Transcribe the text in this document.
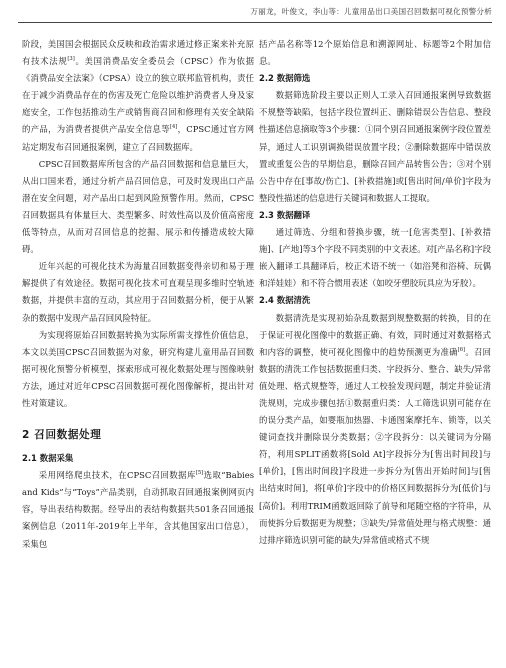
万丽龙，叶俊文，李山等：儿童用品出口美国召回数据可视化预警分析

阶段，美国国会根据民众反映和政治需求通过修正案来补充原有技术法规[3]。美国消费品安全委员会（CPSC）作为依据《消费品安全法案》（CPSA）设立的独立联邦监管机构，责任在于减少消费品存在的伤害及死亡危险以维护消费者人身及家庭安全，工作包括推动生产或销售商召回和修理有关安全缺陷的产品，为消费者提供产品安全信息等[4]，CPSC通过官方网站定期发布召回通报案例，建立了召回数据库。

CPSC召回数据库所包含的产品召回数据和信息量巨大，从出口国来看，通过分析产品召回信息，可及时发现出口产品潜在安全问题，对产品出口起到风险预警作用。然而，CPSC召回数据具有体量巨大、类型繁多、时效性高以及价值高密度低等特点，从而对召回信息的挖掘、展示和传播造成较大障碍。

近年兴起的可视化技术为海量召回数据变得亲切和易于理解提供了有效途径。数据可视化技术可直观呈现多维时空轨迹数据，并提供丰富的互动，其应用于召回数据分析，便于从繁杂的数据中发现产品召回风险特征。

为实现将原始召回数据转换为实际所需支撑性价值信息，本文以美国CPSC召回数据为对象，研究构建儿童用品召回数据可视化预警分析模型，探索形成可视化数据处理与图像映射方法，通过对近年CPSC召回数据可视化图像解析，提出针对性对策建议。

2 召回数据处理
2.1 数据采集

采用网络爬虫技术，在CPSC召回数据库[5]选取“Babies and Kids”与“Toys”产品类别，自动抓取召回通报案例网页内容，导出表结构数据。经导出的表结构数据共501条召回通报案例信息（2011年-2019年上半年，含其他国家出口信息），采集包

括产品名称等12个原始信息和溯源网址、标题等2个附加信息。

2.2 数据筛选

数据筛选阶段主要以正则人工录入召回通报案例导致数据不规整等缺陷，包括字段位置纠正、删除错误公告信息、整段性描述信息摘取等3个步骤：①同个别召回通报案例字段位置差异，通过人工识别调换错误放置字段；②删除数据库中错误放置或重复公告的早期信息，删除召回产品转售公告；③对个别公告中存在[事故/伤亡]、[补救措施]或[售出时间/单价]字段为整段性描述的信息进行关键词和数据人工提取。

2.3 数据翻译

通过筛选、分组和替换步骤，统一[危害类型]、[补救措施]、[产地]等3个字段不同类别的中文表述。对[产品名称]字段嵌入翻译工具翻译后，校正术语不统一（如浴凳和浴椅、玩偶和洋娃娃）和不符合惯用表述（如咬牙塑胶玩具应为牙胶）。

2.4 数据清洗

数据清洗是实现初始杂乱数据到规整数据的转换，目的在于保证可视化图像中的数据正确、有效，同时通过对数据格式和内容的调整，使可视化图像中的趋势预测更为准确[6]。召回数据的清洗工作包括数据重归类、字段拆分、整合、缺失/异常值处理、格式规整等，通过人工校验发现问题，制定并验证清洗规则，完成步骤包括①数据重归类：人工筛选识别可能存在的误分类产品，如婴瓶加热器、卡通图案摩托车、锁等，以关键词查找并删除误分类数据；②字段拆分：以关键词为分隔符，利用SPLIT函数将[Sold At]字段拆分为[售出时间段]与[单价]，[售出时间段]字段进一步拆分为[售出开始时间]与[售出结束时间]，将[单价]字段中的价格区间数据拆分为[低价]与[高价]。利用TRIM函数返回除了前导和尾随空格的字符串，从而使拆分后数据更为规整；③缺失/异常值处理与格式规整：通过排序筛选识别可能的缺失/异常值或格式不规
